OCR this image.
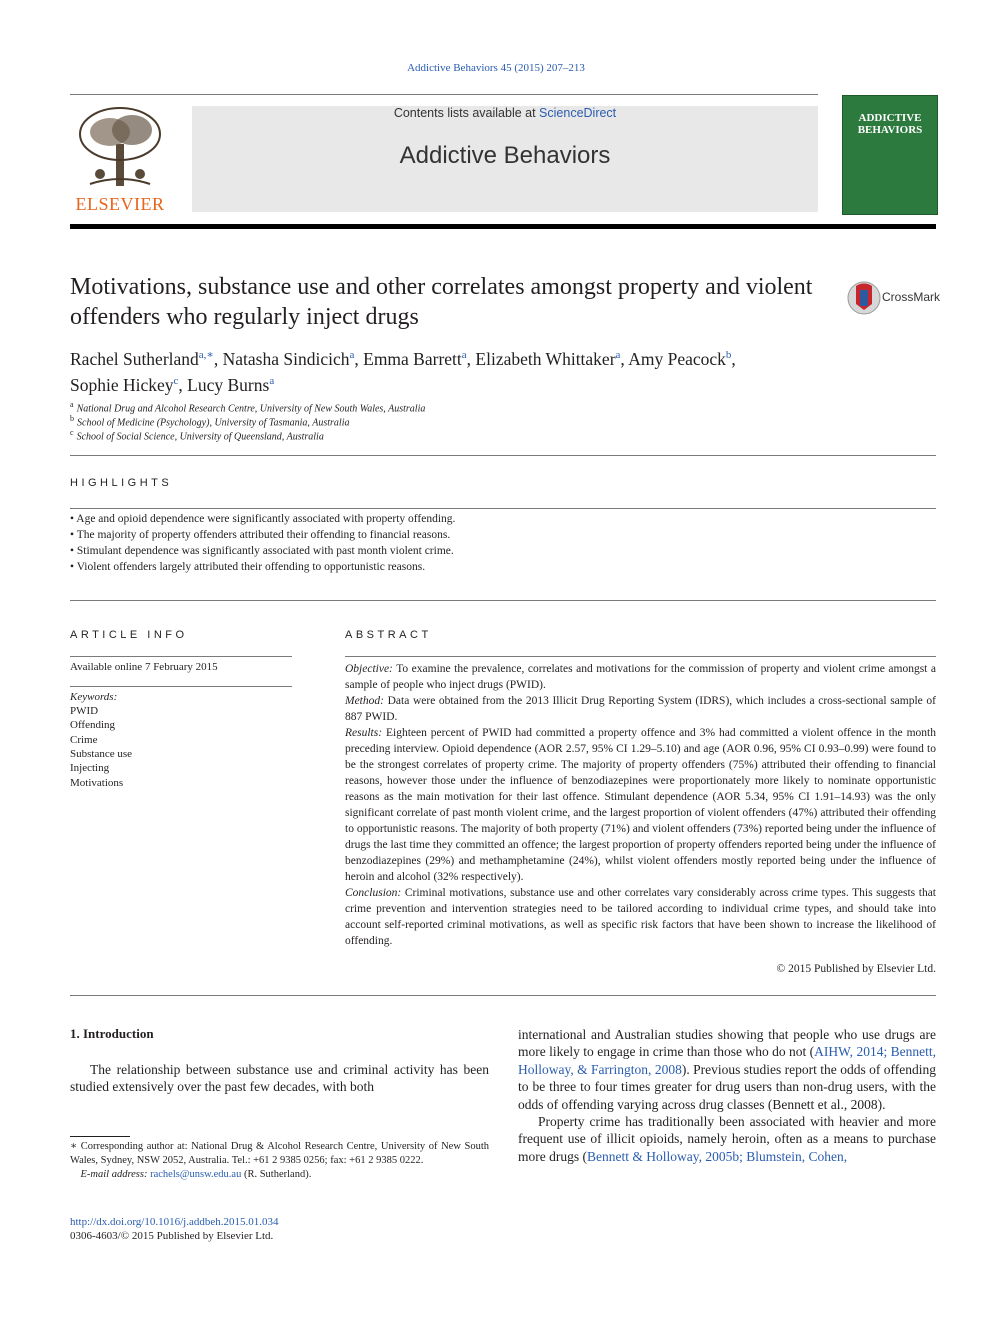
Addictive Behaviors 45 (2015) 207–213
ELSEVIER
Contents lists available at ScienceDirect
Addictive Behaviors
ADDICTIVE BEHAVIORS
Motivations, substance use and other correlates amongst property and violent offenders who regularly inject drugs
CrossMark
Rachel Sutherland$^{a,∗}$, Natasha Sindicich$^a$, Emma Barrett$^a$, Elizabeth Whittaker$^a$, Amy Peacock$^b$,
Sophie Hickey$^c$, Lucy Burns$^a$
$^a$ National Drug and Alcohol Research Centre, University of New South Wales, Australia
$^b$ School of Medicine (Psychology), University of Tasmania, Australia
$^c$ School of Social Science, University of Queensland, Australia
HIGHLIGHTS
• Age and opioid dependence were significantly associated with property offending.
• The majority of property offenders attributed their offending to financial reasons.
• Stimulant dependence was significantly associated with past month violent crime.
• Violent offenders largely attributed their offending to opportunistic reasons.
ARTICLE INFO
Available online 7 February 2015
Keywords:
PWID
Offending
Crime
Substance use
Injecting
Motivations
ABSTRACT
Objective: To examine the prevalence, correlates and motivations for the commission of property and violent crime amongst a sample of people who inject drugs (PWID).
Method: Data were obtained from the 2013 Illicit Drug Reporting System (IDRS), which includes a cross-sectional sample of 887 PWID.
Results: Eighteen percent of PWID had committed a property offence and 3% had committed a violent offence in the month preceding interview. Opioid dependence (AOR 2.57, 95% CI 1.29–5.10) and age (AOR 0.96, 95% CI 0.93–0.99) were found to be the strongest correlates of property crime. The majority of property offenders (75%) attributed their offending to financial reasons, however those under the influence of benzodiazepines were proportionately more likely to nominate opportunistic reasons as the main motivation for their last offence. Stimulant dependence (AOR 5.34, 95% CI 1.91–14.93) was the only significant correlate of past month violent crime, and the largest proportion of violent offenders (47%) attributed their offending to opportunistic reasons. The majority of both property (71%) and violent offenders (73%) reported being under the influence of drugs the last time they committed an offence; the largest proportion of property offenders reported being under the influence of benzodiazepines (29%) and methamphetamine (24%), whilst violent offenders mostly reported being under the influence of heroin and alcohol (32% respectively).
Conclusion: Criminal motivations, substance use and other correlates vary considerably across crime types. This suggests that crime prevention and intervention strategies need to be tailored according to individual crime types, and should take into account self-reported criminal motivations, as well as specific risk factors that have been shown to increase the likelihood of offending.
© 2015 Published by Elsevier Ltd.
1. Introduction
The relationship between substance use and criminal activity has been studied extensively over the past few decades, with both

international and Australian studies showing that people who use drugs are more likely to engage in crime than those who do not (AIHW, 2014; Bennett, Holloway, & Farrington, 2008). Previous studies report the odds of offending to be three to four times greater for drug users than non-drug users, with the odds of offending varying across drug classes (Bennett et al., 2008).

Property crime has traditionally been associated with heavier and more frequent use of illicit opioids, namely heroin, often as a means to purchase more drugs (Bennett & Holloway, 2005b; Blumstein, Cohen,

∗ Corresponding author at: National Drug & Alcohol Research Centre, University of New South Wales, Sydney, NSW 2052, Australia. Tel.: +61 2 9385 0256; fax: +61 2 9385 0222.
E-mail address: rachels@unsw.edu.au (R. Sutherland).
http://dx.doi.org/10.1016/j.addbeh.2015.01.034
0306-4603/© 2015 Published by Elsevier Ltd.
